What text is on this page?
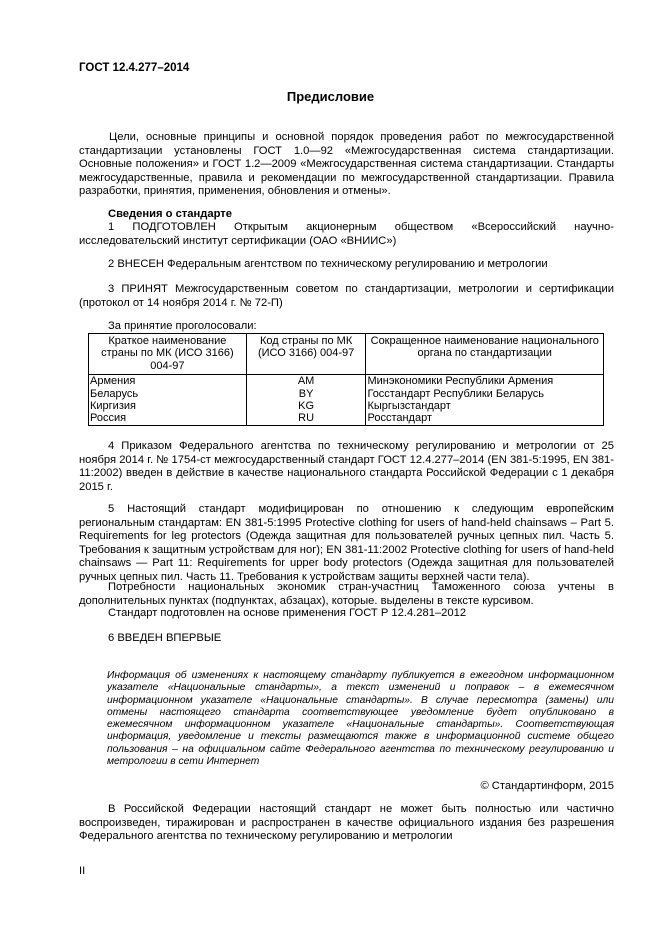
ГОСТ 12.4.277–2014
Предисловие
Цели, основные принципы и основной порядок проведения работ по межгосударственной стандартизации установлены ГОСТ 1.0—92 «Межгосударственная система стандартизации. Основные положения» и ГОСТ 1.2—2009 «Межгосударственная система стандартизации. Стандарты межгосударственные, правила и рекомендации по межгосударственной стандартизации. Правила разработки, принятия, применения, обновления и отмены».
Сведения о стандарте
1 ПОДГОТОВЛЕН Открытым акционерным обществом «Всероссийский научно-исследовательский институт сертификации (ОАО «ВНИИС»)
2 ВНЕСЕН Федеральным агентством по техническому регулированию и метрологии
3 ПРИНЯТ Межгосударственным советом по стандартизации, метрологии и сертификации (протокол от 14 ноября 2014 г. № 72-П)
За принятие проголосовали:
Краткое наименование страны по МК (ИСО 3166) 004-97	Код страны по МК (ИСО 3166) 004-97	Сокращенное наименование национального органа по стандартизации
Армения	AM	Минэкономики Республики Армения
Беларусь	BY	Госстандарт Республики Беларусь
Киргизия	KG	Кыргызстандарт
Россия	RU	Росстандарт
4 Приказом Федерального агентства по техническому регулированию и метрологии от 25 ноября 2014 г. № 1754-ст межгосударственный стандарт ГОСТ 12.4.277–2014 (EN 381-5:1995, EN 381-11:2002) введен в действие в качестве национального стандарта Российской Федерации с 1 декабря 2015 г.
5 Настоящий стандарт модифицирован по отношению к следующим европейским региональным стандартам: EN 381-5:1995 Protective clothing for users of hand-held chainsaws – Part 5. Requirements for leg protectors (Одежда защитная для пользователей ручных цепных пил. Часть 5. Требования к защитным устройствам для ног); EN 381-11:2002 Protective clothing for users of hand-held chainsaws — Part 11: Requirements for upper body protectors (Одежда защитная для пользователей ручных цепных пил. Часть 11. Требования к устройствам защиты верхней части тела).
Потребности национальных экономик стран-участниц Таможенного союза учтены в дополнительных пунктах (подпунктах, абзацах), которые. выделены в тексте курсивом.
Стандарт подготовлен на основе применения ГОСТ Р 12.4.281–2012
6 ВВЕДЕН ВПЕРВЫЕ
Информация об изменениях к настоящему стандарту публикуется в ежегодном информационном указателе «Национальные стандарты», а текст изменений и поправок – в ежемесячном информационном указателе «Национальные стандарты». В случае пересмотра (замены) или отмены настоящего стандарта соответствующее уведомление будет опубликовано в ежемесячном информационном указателе «Национальные стандарты». Соответствующая информация, уведомление и тексты размещаются также в информационной системе общего пользования – на официальном сайте Федерального агентства по техническому регулированию и метрологии в сети Интернет
© Стандартинформ, 2015
В Российской Федерации настоящий стандарт не может быть полностью или частично воспроизведен, тиражирован и распространен в качестве официального издания без разрешения Федерального агентства по техническому регулированию и метрологии
II
